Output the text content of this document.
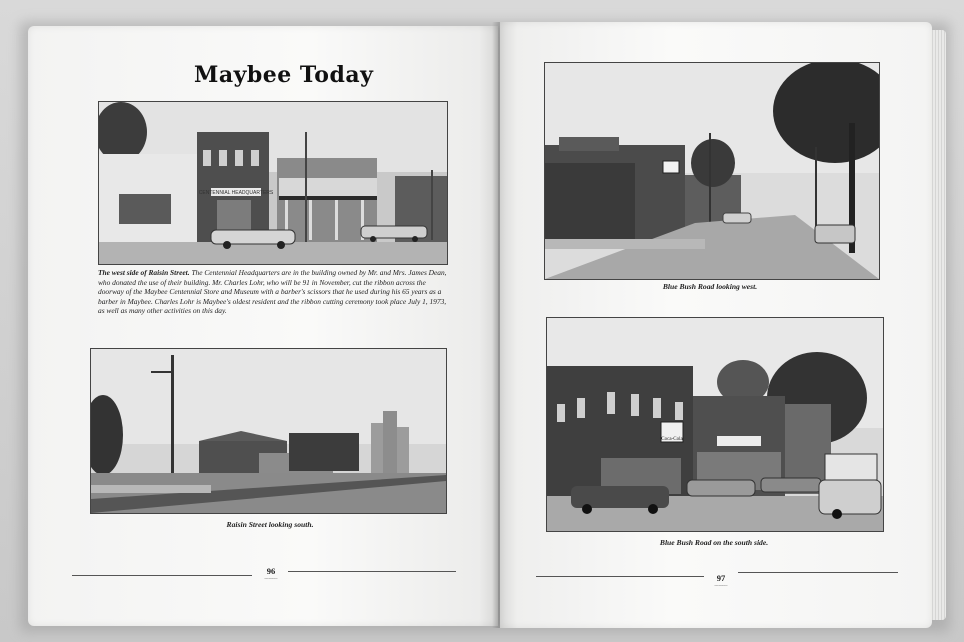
Maybee Today
CENTENNIAL HEADQUARTERS
The west side of Raisin Street. The Centennial Headquarters are in the building owned by Mr. and Mrs. James Dean, who donated the use of their building. Mr. Charles Lohr, who will be 91 in November, cut the ribbon across the doorway of the Maybee Centennial Store and Museum with a barber's scissors that he used during his 65 years as a barber in Maybee. Charles Lohr is Maybee's oldest resident and the ribbon cutting ceremony took place July 1, 1973, as well as many other activities on this day.
Raisin Street looking south.
96
~~~~~~
Blue Bush Road looking west.
Coca-Cola
Blue Bush Road on the south side.
97
~~~~~~
